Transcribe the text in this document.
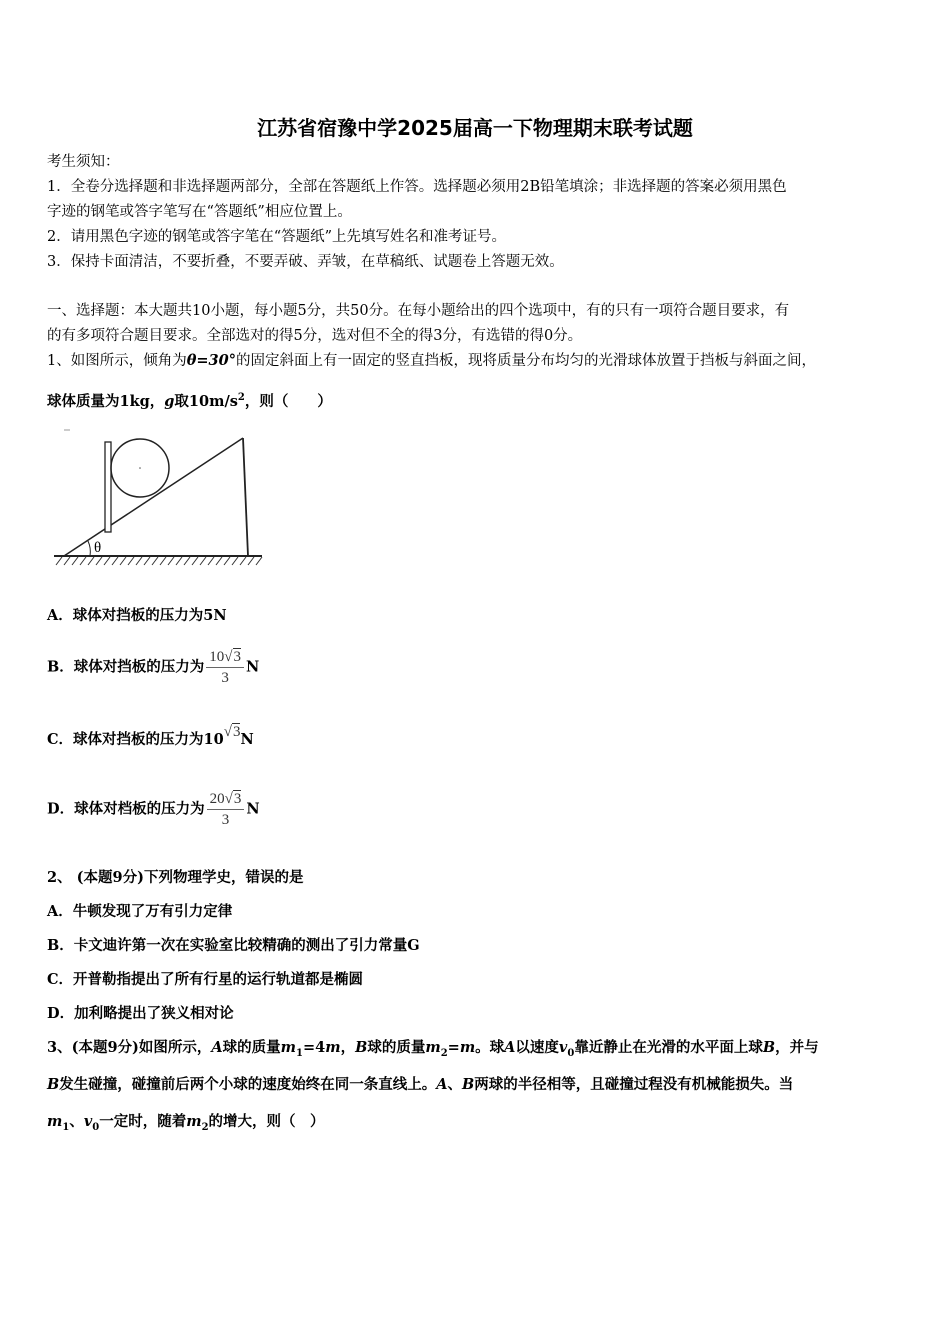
江苏省宿豫中学2025届高一下物理期末联考试题
考生须知：
1．全卷分选择题和非选择题两部分，全部在答题纸上作答。选择题必须用2B铅笔填涂；非选择题的答案必须用黑色
字迹的钢笔或答字笔写在“答题纸”相应位置上。
2．请用黑色字迹的钢笔或答字笔在“答题纸”上先填写姓名和准考证号。
3．保持卡面清洁，不要折叠，不要弄破、弄皱，在草稿纸、试题卷上答题无效。
一、选择题：本大题共10小题，每小题5分，共50分。在每小题给出的四个选项中，有的只有一项符合题目要求，有
的有多项符合题目要求。全部选对的得5分，选对但不全的得3分，有选错的得0分。
1、如图所示，倾角为θ=30°的固定斜面上有一固定的竖直挡板，现将质量分布均匀的光滑球体放置于挡板与斜面之间，
球体质量为1kg，g取$10m/s^2$，则（　　）
θ
A．球体对挡板的压力为5N
B．球体对挡板的压力为 $\frac{10√3}{3}$ N
C．球体对挡板的压力为10√3N
D．球体对档板的压力为 $\frac{20√3}{3}$ N
2、 (本题9分)下列物理学史，错误的是
A．牛顿发现了万有引力定律
B．卡文迪许第一次在实验室比较精确的测出了引力常量G
C．开普勒指提出了所有行星的运行轨道都是椭圆
D．加利略提出了狭义相对论
3、(本题9分)如图所示，A球的质量$m_1=4m$，B球的质量$m_2=m$。球A以速度$v_0$靠近静止在光滑的水平面上球B，并与
B发生碰撞，碰撞前后两个小球的速度始终在同一条直线上。A、B两球的半径相等，且碰撞过程没有机械能损失。当
$m_1$、$v_0$一定时，随着$m_2$的增大，则（　）
